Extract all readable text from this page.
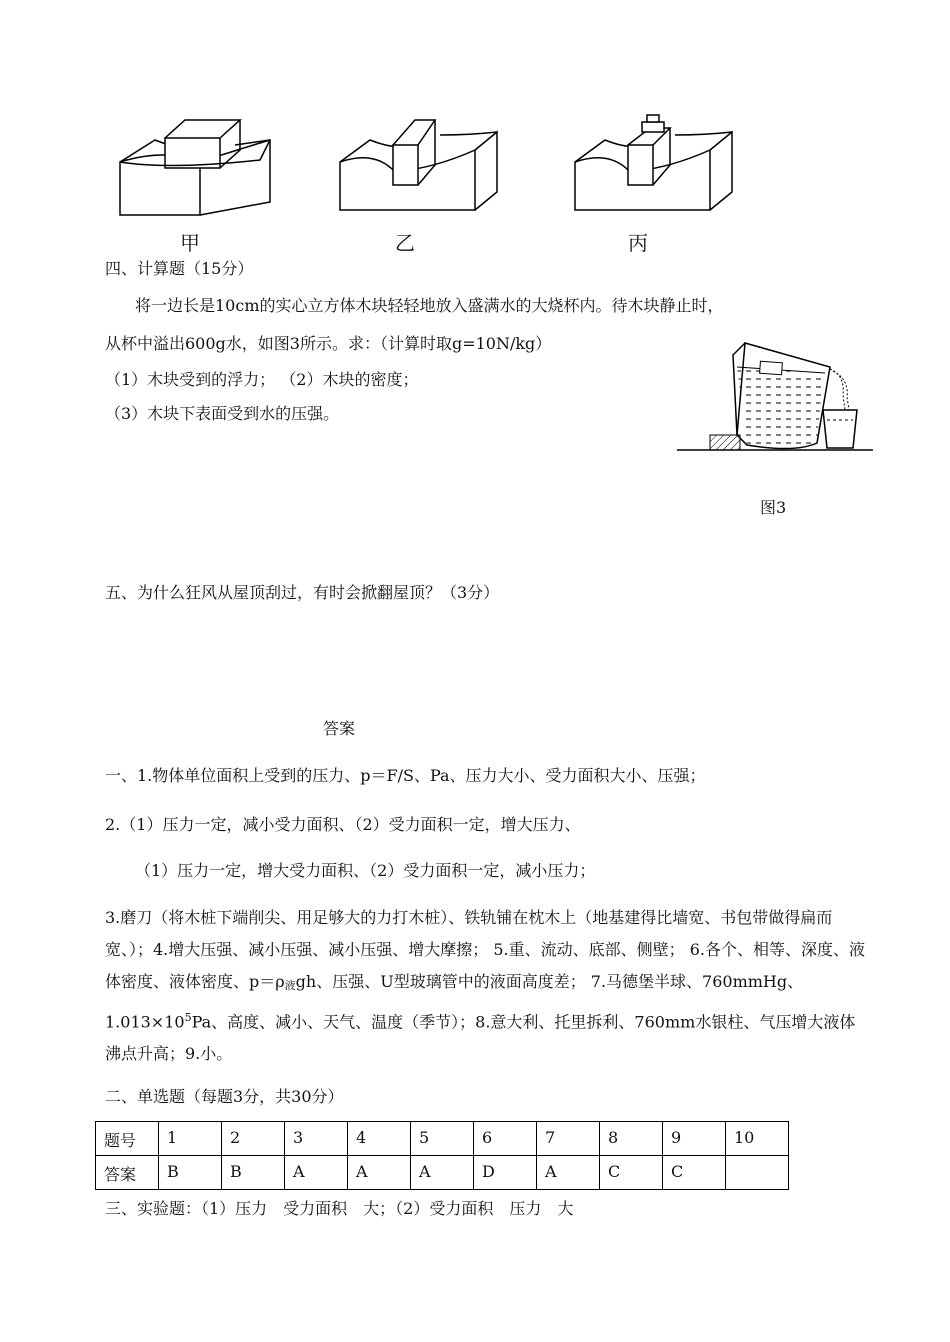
甲	乙	丙
四、计算题（15分）
将一边长是10cm的实心立方体木块轻轻地放入盛满水的大烧杯内。待木块静止时，
从杯中溢出600g水，如图3所示。求：（计算时取g=10N/kg）
（1）木块受到的浮力； （2）木块的密度；
（3）木块下表面受到水的压强。
图3
五、为什么狂风从屋顶刮过，有时会掀翻屋顶？（3分）
答案
一、1.物体单位面积上受到的压力、p＝F/S、Pa、压力大小、受力面积大小、压强；
2.（1）压力一定，减小受力面积、（2）受力面积一定，增大压力、
（1）压力一定，增大受力面积、（2）受力面积一定，减小压力；
3.磨刀（将木桩下端削尖、用足够大的力打木桩）、铁轨铺在枕木上（地基建得比墙宽、书包带做得扁而宽、）；4.增大压强、减小压强、减小压强、增大摩擦； 5.重、流动、底部、侧壁； 6.各个、相等、深度、液体密度、液体密度、$p=\rho_液gh$、压强、U型玻璃管中的液面高度差； 7.马德堡半球、760mmHg、$1.013\times 10^5Pa$、高度、减小、天气、温度（季节）；8.意大利、托里拆利、760mm水银柱、气压增大液体沸点升高；9.小。
二、单选题（每题3分，共30分）
题号	1	2	3	4	5	6	7	8	9	10
答案	B	B	A	A	A	D	A	C	C	
三、实验题：（1）压力　受力面积　大；（2）受力面积　压力　大
